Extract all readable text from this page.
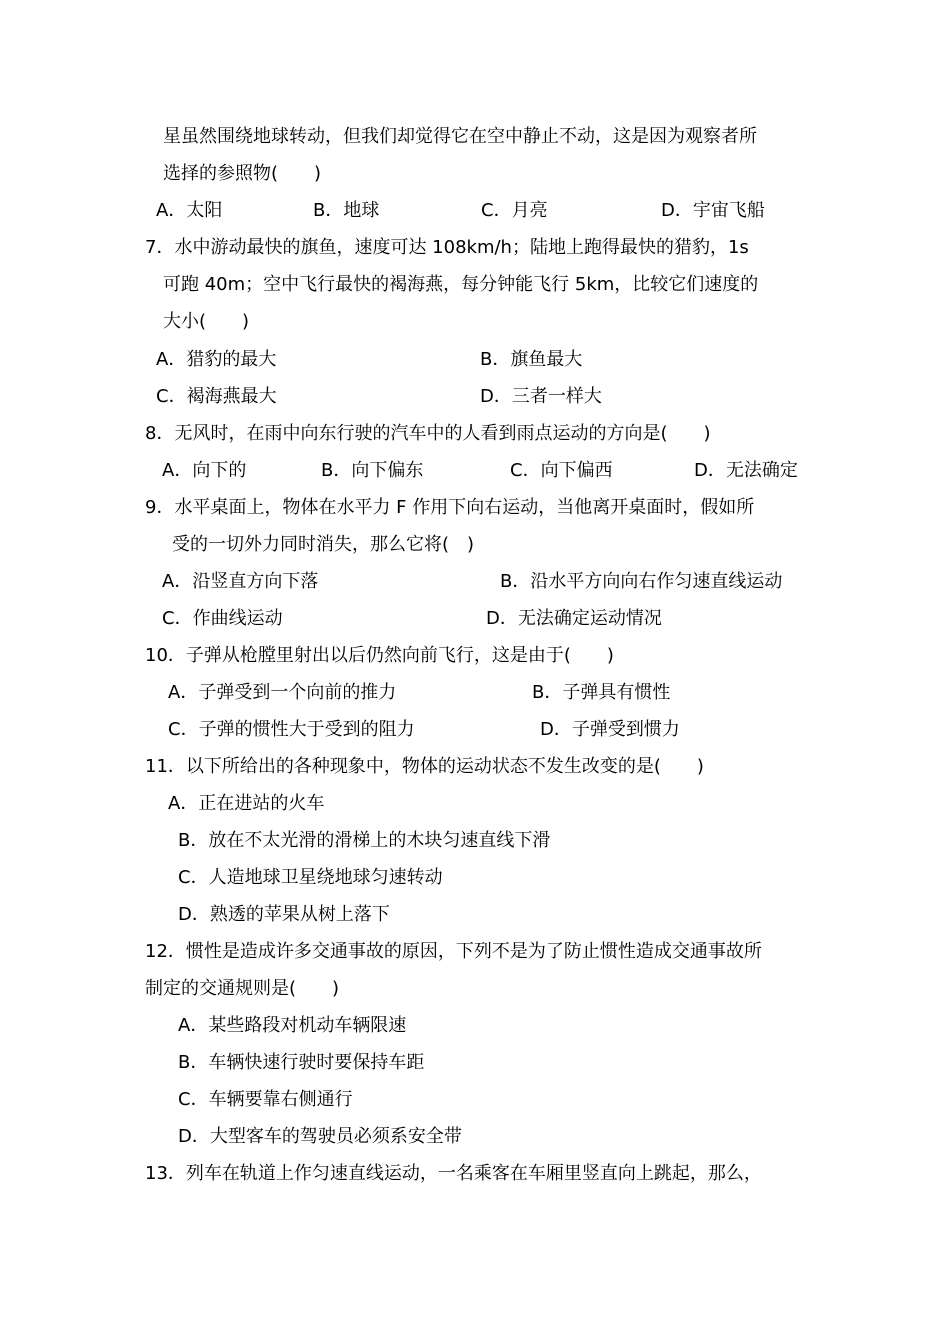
星虽然围绕地球转动，但我们却觉得它在空中静止不动，这是因为观察者所
选择的参照物(　　)
A．太阳	B．地球	C．月亮	D．宇宙飞船
7．水中游动最快的旗鱼，速度可达 108km/h；陆地上跑得最快的猎豹，1s
可跑 40m；空中飞行最快的褐海燕，每分钟能飞行 5km，比较它们速度的
大小(　　)
A．猎豹的最大	B．旗鱼最大
C．褐海燕最大	D．三者一样大
8．无风时，在雨中向东行驶的汽车中的人看到雨点运动的方向是(　　)
A．向下的	B．向下偏东	C．向下偏西	D．无法确定
9．水平桌面上，物体在水平力 F 作用下向右运动，当他离开桌面时，假如所
受的一切外力同时消失，那么它将(　)
A．沿竖直方向下落	B．沿水平方向向右作匀速直线运动
C．作曲线运动	D．无法确定运动情况
10．子弹从枪膛里射出以后仍然向前飞行，这是由于(　　)
A．子弹受到一个向前的推力	B．子弹具有惯性
C．子弹的惯性大于受到的阻力	D．子弹受到惯力
11．以下所给出的各种现象中，物体的运动状态不发生改变的是(　　)
A．正在进站的火车
B．放在不太光滑的滑梯上的木块匀速直线下滑
C．人造地球卫星绕地球匀速转动
D．熟透的苹果从树上落下
12．惯性是造成许多交通事故的原因，下列不是为了防止惯性造成交通事故所
制定的交通规则是(　　)
A．某些路段对机动车辆限速
B．车辆快速行驶时要保持车距
C．车辆要靠右侧通行
D．大型客车的驾驶员必须系安全带
13．列车在轨道上作匀速直线运动，一名乘客在车厢里竖直向上跳起，那么，
